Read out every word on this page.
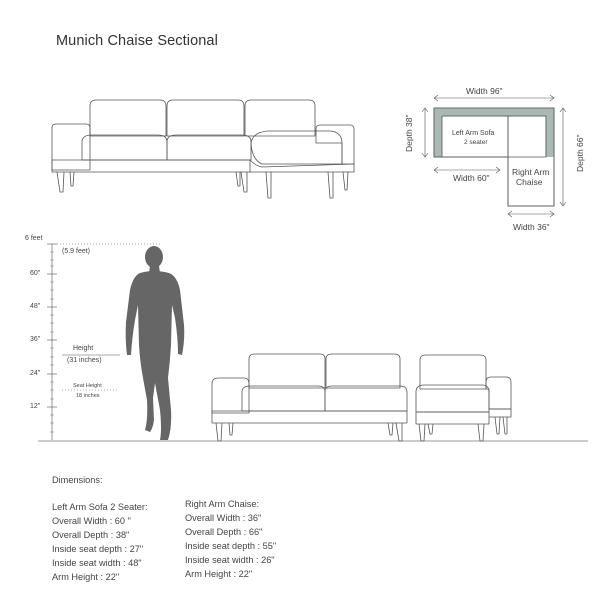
Munich Chaise Sectional
Width 96"
Depth 38"
Depth 66"
Left Arm Sofa
2 seater
Width 60"
Right Arm
Chaise
Width 36"
6 feet
60"
48"
36"
24"
12"
(5.9 feet)
Height
(31 inches)
Seat Height
18 inches
Dimensions:
Left Arm Sofa 2 Seater:
Overall Width : 60 "
Overall Depth : 38"
Inside seat depth : 27"
Inside seat width : 48"
Arm Height : 22"
Right Arm Chaise:
Overall Width : 36"
Overall Depth : 66"
Inside seat depth : 55"
Inside seat width : 26"
Arm Height : 22"
